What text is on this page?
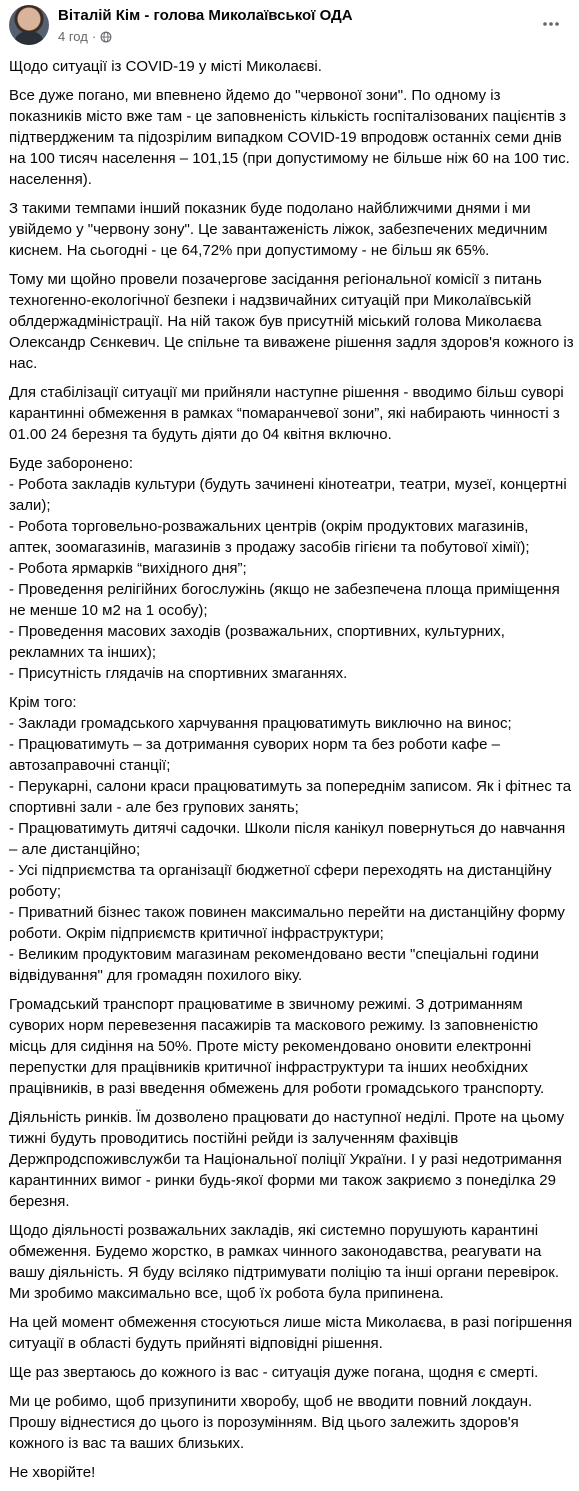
Віталій Кім - голова Миколаївської ОДА
4 год ·

Щодо ситуації із COVID-19 у місті Миколаєві.

Все дуже погано, ми впевнено йдемо до "червоної зони". По одному із показників місто вже там - це заповненість кількість госпіталізованих пацієнтів з підтвердженим та підозрілим випадком COVID-19 впродовж останніх семи днів на 100 тисяч населення – 101,15 (при допустимому не більше ніж 60 на 100 тис. населення).

З такими темпами інший показник буде подолано найближчими днями і ми увійдемо у "червону зону". Це завантаженість ліжок, забезпечених медичним киснем. На сьогодні - це 64,72% при допустимому - не більш як 65%.

Тому ми щойно провели позачергове засідання регіональної комісії з питань техногенно-екологічної безпеки і надзвичайних ситуацій при Миколаївській облдержадміністрації. На ній також був присутній міський голова Миколаєва Олександр Сєнкевич. Це спільне та виважене рішення задля здоров'я кожного із нас.

Для стабілізації ситуації ми прийняли наступне рішення - вводимо більш суворі карантинні обмеження в рамках “помаранчевої зони”, які набирають чинності з 01.00 24 березня та будуть діяти до 04 квітня включно.

Буде заборонено:
- Робота закладів культури (будуть зачинені кінотеатри, театри, музеї, концертні зали);
- Робота торговельно-розважальних центрів (окрім продуктових магазинів, аптек, зоомагазинів, магазинів з продажу засобів гігієни та побутової хімії);
- Робота ярмарків “вихідного дня”;
- Проведення релігійних богослужінь (якщо не забезпечена площа приміщення не менше 10 м2 на 1 особу);
- Проведення масових заходів (розважальних, спортивних, культурних, рекламних та інших);
- Присутність глядачів на спортивних змаганнях.

Крім того:
- Заклади громадського харчування працюватимуть виключно на винос;
- Працюватимуть – за дотримання суворих норм та без роботи кафе – автозаправочні станції;
- Перукарні, салони краси працюватимуть за попереднім записом. Як і фітнес та спортивні зали - але без групових занять;
- Працюватимуть дитячі садочки. Школи після канікул повернуться до навчання – але дистанційно;
- Усі підприємства та організації бюджетної сфери переходять на дистанційну роботу;
- Приватний бізнес також повинен максимально перейти на дистанційну форму роботи. Окрім підприємств критичної інфраструктури;
- Великим продуктовим магазинам рекомендовано вести "спеціальні години відвідування" для громадян похилого віку.

Громадський транспорт працюватиме в звичному режимі. З дотриманням суворих норм перевезення пасажирів та маскового режиму. Із заповненістю місць для сидіння на 50%. Проте місту рекомендовано оновити електронні перепустки для працівників критичної інфраструктури та інших необхідних працівників, в разі введення обмежень для роботи громадського транспорту.

Діяльність ринків. Їм дозволено працювати до наступної неділі. Проте на цьому тижні будуть проводитись постійні рейди із залученням фахівців Держпродспоживслужби та Національної поліції України. І у разі недотримання карантинних вимог - ринки будь-якої форми ми також закриємо з понеділка 29 березня.

Щодо діяльності розважальних закладів, які системно порушують карантині обмеження. Будемо жорстко, в рамках чинного законодавства, реагувати на вашу діяльність. Я буду всіляко підтримувати поліцію та інші органи перевірок. Ми зробимо максимально все, щоб їх робота була припинена.

На цей момент обмеження стосуються лише міста Миколаєва, в разі погіршення ситуації в області будуть прийняті відповідні рішення.

Ще раз звертаюсь до кожного із вас - ситуація дуже погана, щодня є смерті.

Ми це робимо, щоб призупинити хворобу, щоб не вводити повний локдаун. Прошу віднестися до цього із порозумінням. Від цього залежить здоров'я кожного із вас та ваших близьких.

Не хворійте!
